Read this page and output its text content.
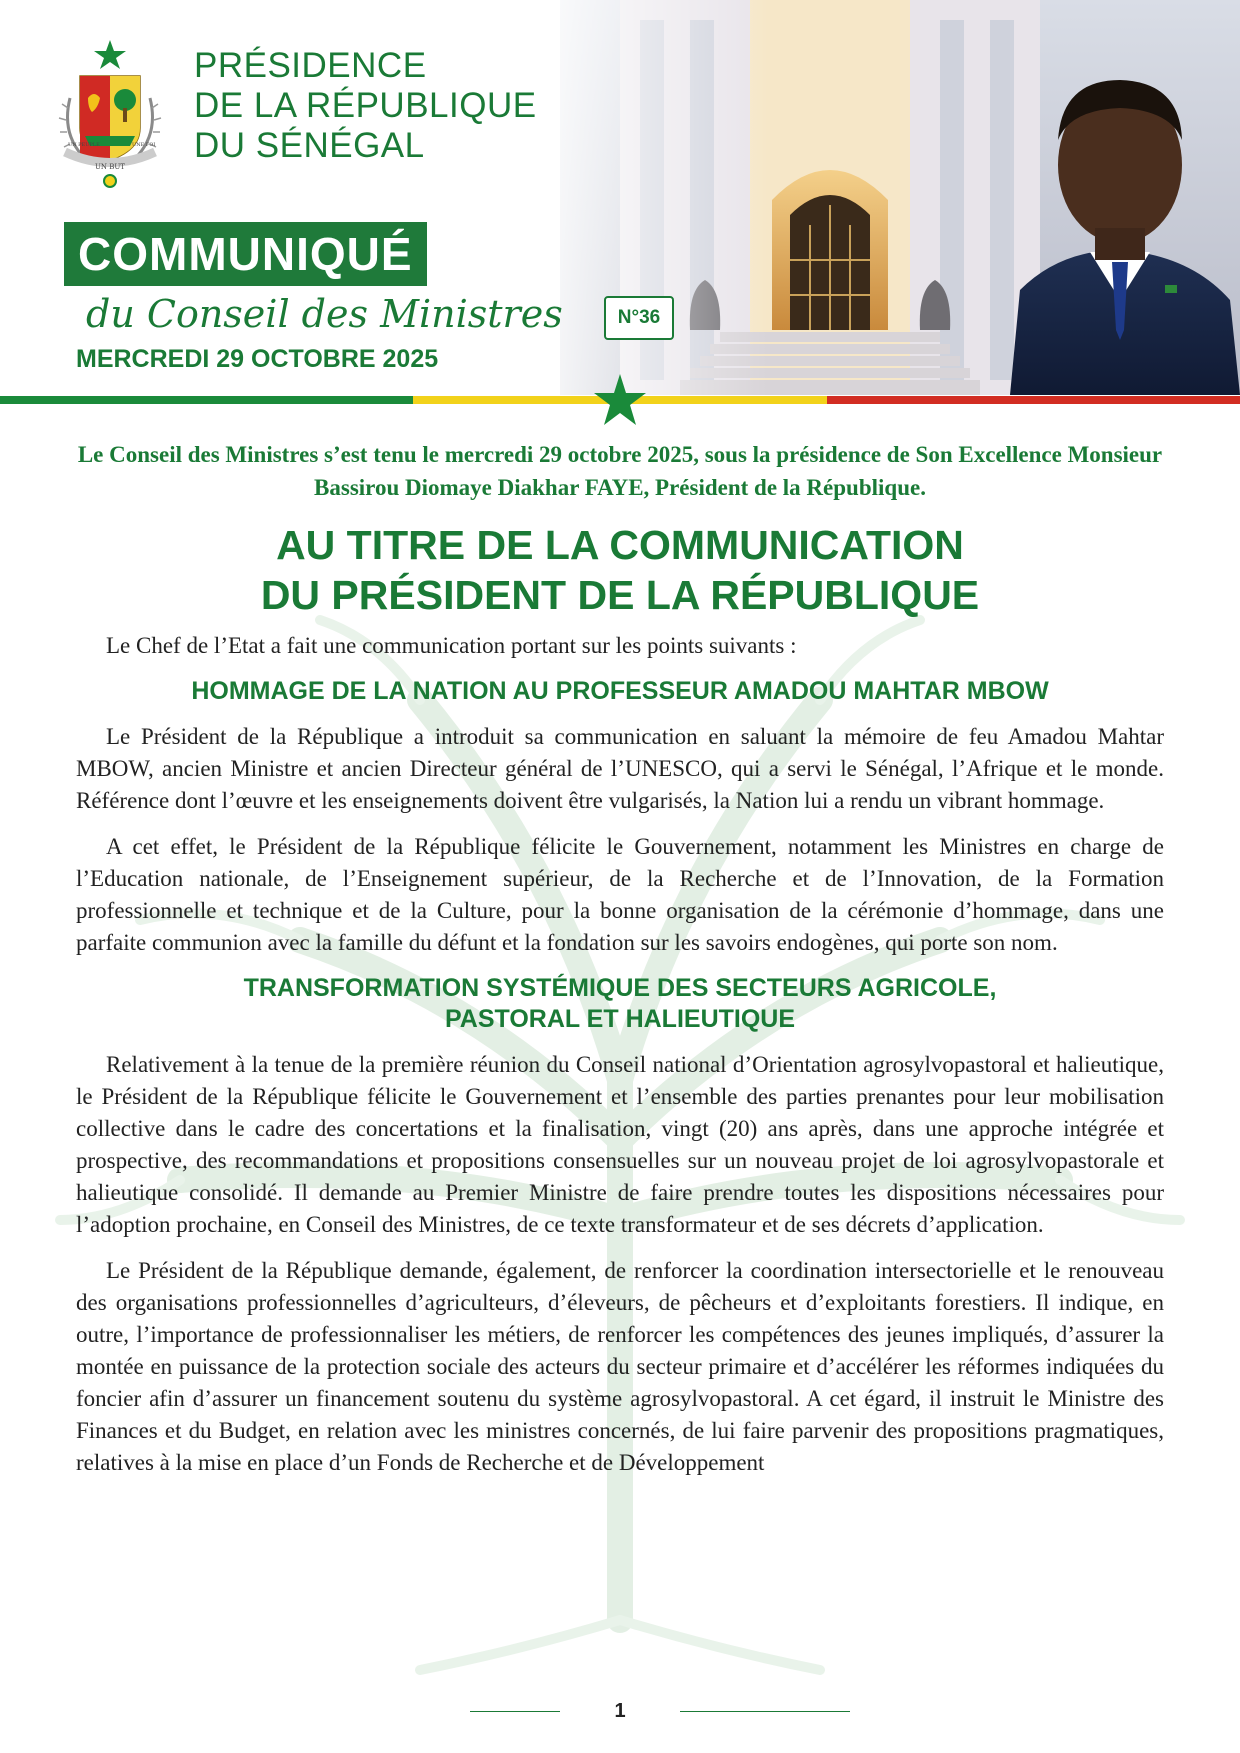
UN BUT
UN PEUPLE	UNE FOI
PRÉSIDENCE
DE LA RÉPUBLIQUE
DU SÉNÉGAL
COMMUNIQUÉ
du Conseil des Ministres	N°36
MERCREDI 29 OCTOBRE 2025

Le Conseil des Ministres s’est tenu le mercredi 29 octobre 2025, sous la présidence de Son Excellence Monsieur Bassirou Diomaye Diakhar FAYE, Président de la République.

AU TITRE DE LA COMMUNICATION
DU PRÉSIDENT DE LA RÉPUBLIQUE

Le Chef de l’Etat a fait une communication portant sur les points suivants :

HOMMAGE DE LA NATION AU PROFESSEUR AMADOU MAHTAR MBOW

Le Président de la République a introduit sa communication en saluant la mémoire de feu Amadou Mahtar MBOW, ancien Ministre et ancien Directeur général de l’UNESCO, qui a servi le Sénégal, l’Afrique et le monde. Référence dont l’œuvre et les enseignements doivent être vulgarisés, la Nation lui a rendu un vibrant hommage.

A cet effet, le Président de la République félicite le Gouvernement, notamment les Ministres en charge de l’Education nationale, de l’Enseignement supérieur, de la Recherche et de l’Innovation, de la Formation professionnelle et technique et de la Culture, pour la bonne organisation de la cérémonie d’hommage, dans une parfaite communion avec la famille du défunt et la fondation sur les savoirs endogènes, qui porte son nom.

TRANSFORMATION SYSTÉMIQUE DES SECTEURS AGRICOLE,
PASTORAL ET HALIEUTIQUE

Relativement à la tenue de la première réunion du Conseil national d’Orientation agrosylvopastoral et halieutique, le Président de la République félicite le Gouvernement et l’ensemble des parties prenantes pour leur mobilisation collective dans le cadre des concertations et la finalisation, vingt (20) ans après, dans une approche intégrée et prospective, des recommandations et propositions consensuelles sur un nouveau projet de loi agrosylvopastorale et halieutique consolidé. Il demande au Premier Ministre de faire prendre toutes les dispositions nécessaires pour l’adoption prochaine, en Conseil des Ministres, de ce texte transformateur et de ses décrets d’application.

Le Président de la République demande, également, de renforcer la coordination intersectorielle et le renouveau des organisations professionnelles d’agriculteurs, d’éleveurs, de pêcheurs et d’exploitants forestiers. Il indique, en outre, l’importance de professionnaliser les métiers, de renforcer les compétences des jeunes impliqués, d’assurer la montée en puissance de la protection sociale des acteurs du secteur primaire et d’accélérer les réformes indiquées du foncier afin d’assurer un financement soutenu du système agrosylvopastoral. A cet égard, il instruit le Ministre des Finances et du Budget, en relation avec les ministres concernés, de lui faire parvenir des propositions pragmatiques, relatives à la mise en place d’un Fonds de Recherche et de Développement

1
